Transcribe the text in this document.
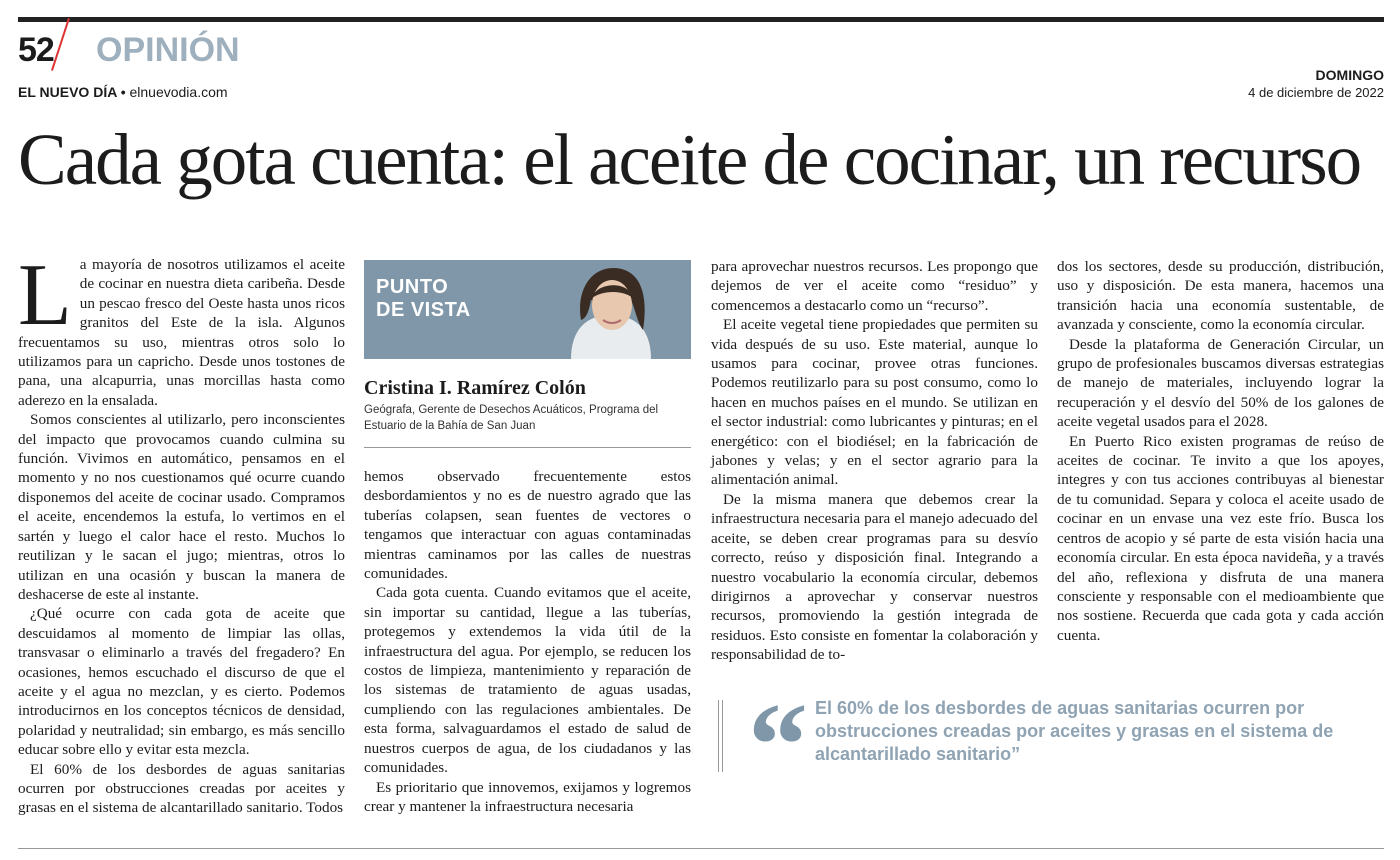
52 OPINIÓN
EL NUEVO DÍA • elnuevodia.com
DOMINGO
4 de diciembre de 2022
Cada gota cuenta: el aceite de cocinar, un recurso

La mayoría de nosotros utilizamos el aceite de cocinar en nuestra dieta caribeña. Desde un pescao fresco del Oeste hasta unos ricos granitos del Este de la isla. Algunos frecuentamos su uso, mientras otros solo lo utilizamos para un capricho. Desde unos tostones de pana, una alcapurria, unas morcillas hasta como aderezo en la ensalada.

Somos conscientes al utilizarlo, pero inconscientes del impacto que provocamos cuando culmina su función. Vivimos en automático, pensamos en el momento y no nos cuestionamos qué ocurre cuando disponemos del aceite de cocinar usado. Compramos el aceite, encendemos la estufa, lo vertimos en el sartén y luego el calor hace el resto. Muchos lo reutilizan y le sacan el jugo; mientras, otros lo utilizan en una ocasión y buscan la manera de deshacerse de este al instante.

¿Qué ocurre con cada gota de aceite que descuidamos al momento de limpiar las ollas, transvasar o eliminarlo a través del fregadero? En ocasiones, hemos escuchado el discurso de que el aceite y el agua no mezclan, y es cierto. Podemos introducirnos en los conceptos técnicos de densidad, polaridad y neutralidad; sin embargo, es más sencillo educar sobre ello y evitar esta mezcla.

El 60% de los desbordes de aguas sanitarias ocurren por obstrucciones creadas por aceites y grasas en el sistema de alcantarillado sanitario. Todos

PUNTO
DE VISTA
Cristina I. Ramírez Colón
Geógrafa, Gerente de Desechos Acuáticos, Programa del Estuario de la Bahía de San Juan

hemos observado frecuentemente estos desbordamientos y no es de nuestro agrado que las tuberías colapsen, sean fuentes de vectores o tengamos que interactuar con aguas contaminadas mientras caminamos por las calles de nuestras comunidades.

Cada gota cuenta. Cuando evitamos que el aceite, sin importar su cantidad, llegue a las tuberías, protegemos y extendemos la vida útil de la infraestructura del agua. Por ejemplo, se reducen los costos de limpieza, mantenimiento y reparación de los sistemas de tratamiento de aguas usadas, cumpliendo con las regulaciones ambientales. De esta forma, salvaguardamos el estado de salud de nuestros cuerpos de agua, de los ciudadanos y las comunidades.

Es prioritario que innovemos, exijamos y logremos crear y mantener la infraestructura necesaria

para aprovechar nuestros recursos. Les propongo que dejemos de ver el aceite como “residuo” y comencemos a destacarlo como un “recurso”.

El aceite vegetal tiene propiedades que permiten su vida después de su uso. Este material, aunque lo usamos para cocinar, provee otras funciones. Podemos reutilizarlo para su post consumo, como lo hacen en muchos países en el mundo. Se utilizan en el sector industrial: como lubricantes y pinturas; en el energético: con el biodiésel; en la fabricación de jabones y velas; y en el sector agrario para la alimentación animal.

De la misma manera que debemos crear la infraestructura necesaria para el manejo adecuado del aceite, se deben crear programas para su desvío correcto, reúso y disposición final. Integrando a nuestro vocabulario la economía circular, debemos dirigirnos a aprovechar y conservar nuestros recursos, promoviendo la gestión integrada de residuos. Esto consiste en fomentar la colaboración y responsabilidad de to-

dos los sectores, desde su producción, distribución, uso y disposición. De esta manera, hacemos una transición hacia una economía sustentable, de avanzada y consciente, como la economía circular.

Desde la plataforma de Generación Circular, un grupo de profesionales buscamos diversas estrategias de manejo de materiales, incluyendo lograr la recuperación y el desvío del 50% de los galones de aceite vegetal usados para el 2028.

En Puerto Rico existen programas de reúso de aceites de cocinar. Te invito a que los apoyes, integres y con tus acciones contribuyas al bienestar de tu comunidad. Separa y coloca el aceite usado de cocinar en un envase una vez este frío. Busca los centros de acopio y sé parte de esta visión hacia una economía circular. En esta época navideña, y a través del año, reflexiona y disfruta de una manera consciente y responsable con el medioambiente que nos sostiene. Recuerda que cada gota y cada acción cuenta.

“ El 60% de los desbordes de aguas sanitarias ocurren por obstrucciones creadas por aceites y grasas en el sistema de alcantarillado sanitario”
